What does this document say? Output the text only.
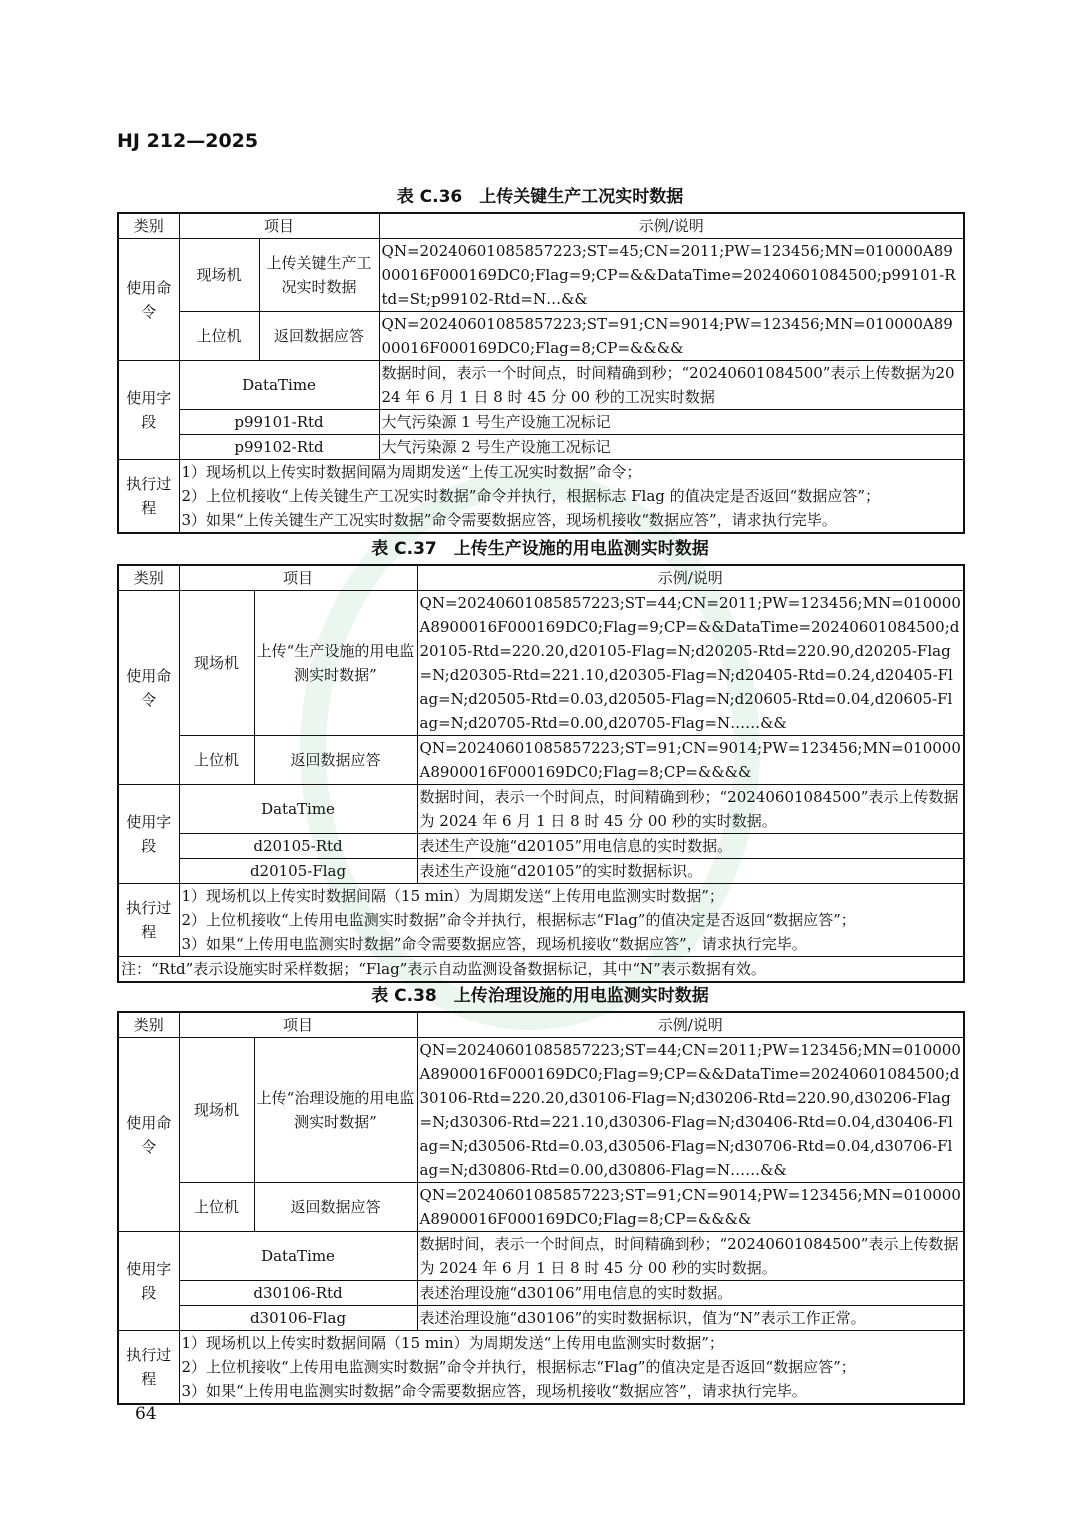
HJ 212—2025
表 C.36　上传关键生产工况实时数据
类别	项目		示例/说明
使用命令	现场机	上传关键生产工况实时数据	QN=20240601085857223;ST=45;CN=2011;PW=123456;MN=010000A8900016F000169DC0;Flag=9;CP=&&DataTime=20240601084500;p99101-Rtd=St;p99102-Rtd=N…&&
	上位机	返回数据应答	QN=20240601085857223;ST=91;CN=9014;PW=123456;MN=010000A8900016F000169DC0;Flag=8;CP=&&&&
使用字段	DataTime		数据时间，表示一个时间点，时间精确到秒；“20240601084500”表示上传数据为2024 年 6 月 1 日 8 时 45 分 00 秒的工况实时数据
	p99101-Rtd		大气污染源 1 号生产设施工况标记
	p99102-Rtd		大气污染源 2 号生产设施工况标记
执行过程	1）现场机以上传实时数据间隔为周期发送“上传工况实时数据”命令；
2）上位机接收“上传关键生产工况实时数据”命令并执行，根据标志 Flag 的值决定是否返回“数据应答”；
3）如果“上传关键生产工况实时数据”命令需要数据应答，现场机接收“数据应答”，请求执行完毕。		
表 C.37　上传生产设施的用电监测实时数据
类别	项目		示例/说明
使用命令	现场机	上传“生产设施的用电监测实时数据”	QN=20240601085857223;ST=44;CN=2011;PW=123456;MN=010000A8900016F000169DC0;Flag=9;CP=&&DataTime=20240601084500;d20105-Rtd=220.20,d20105-Flag=N;d20205-Rtd=220.90,d20205-Flag=N;d20305-Rtd=221.10,d20305-Flag=N;d20405-Rtd=0.24,d20405-Flag=N;d20505-Rtd=0.03,d20505-Flag=N;d20605-Rtd=0.04,d20605-Flag=N;d20705-Rtd=0.00,d20705-Flag=N……&&
	上位机	返回数据应答	QN=20240601085857223;ST=91;CN=9014;PW=123456;MN=010000A8900016F000169DC0;Flag=8;CP=&&&&
使用字段	DataTime		数据时间，表示一个时间点，时间精确到秒；“20240601084500”表示上传数据为 2024 年 6 月 1 日 8 时 45 分 00 秒的实时数据。
	d20105-Rtd		表述生产设施“d20105”用电信息的实时数据。
	d20105-Flag		表述生产设施“d20105”的实时数据标识。
执行过程	1）现场机以上传实时数据间隔（15 min）为周期发送“上传用电监测实时数据”；
2）上位机接收“上传用电监测实时数据”命令并执行，根据标志“Flag”的值决定是否返回“数据应答”；
3）如果“上传用电监测实时数据”命令需要数据应答，现场机接收“数据应答”，请求执行完毕。		

注：“Rtd”表示设施实时采样数据；“Flag”表示自动监测设备数据标记，其中“N”表示数据有效。			
表 C.38　上传治理设施的用电监测实时数据
类别	项目		示例/说明
使用命令	现场机	上传“治理设施的用电监测实时数据”	QN=20240601085857223;ST=44;CN=2011;PW=123456;MN=010000A8900016F000169DC0;Flag=9;CP=&&DataTime=20240601084500;d30106-Rtd=220.20,d30106-Flag=N;d30206-Rtd=220.90,d30206-Flag=N;d30306-Rtd=221.10,d30306-Flag=N;d30406-Rtd=0.04,d30406-Flag=N;d30506-Rtd=0.03,d30506-Flag=N;d30706-Rtd=0.04,d30706-Flag=N;d30806-Rtd=0.00,d30806-Flag=N……&&
	上位机	返回数据应答	QN=20240601085857223;ST=91;CN=9014;PW=123456;MN=010000A8900016F000169DC0;Flag=8;CP=&&&&
使用字段	DataTime		数据时间，表示一个时间点，时间精确到秒；“20240601084500”表示上传数据为 2024 年 6 月 1 日 8 时 45 分 00 秒的实时数据。
	d30106-Rtd		表述治理设施“d30106”用电信息的实时数据。
	d30106-Flag		表述治理设施“d30106”的实时数据标识，值为“N”表示工作正常。
执行过程	1）现场机以上传实时数据间隔（15 min）为周期发送“上传用电监测实时数据”；
2）上位机接收“上传用电监测实时数据”命令并执行，根据标志“Flag”的值决定是否返回“数据应答”；
3）如果“上传用电监测实时数据”命令需要数据应答，现场机接收“数据应答”，请求执行完毕。		
64
